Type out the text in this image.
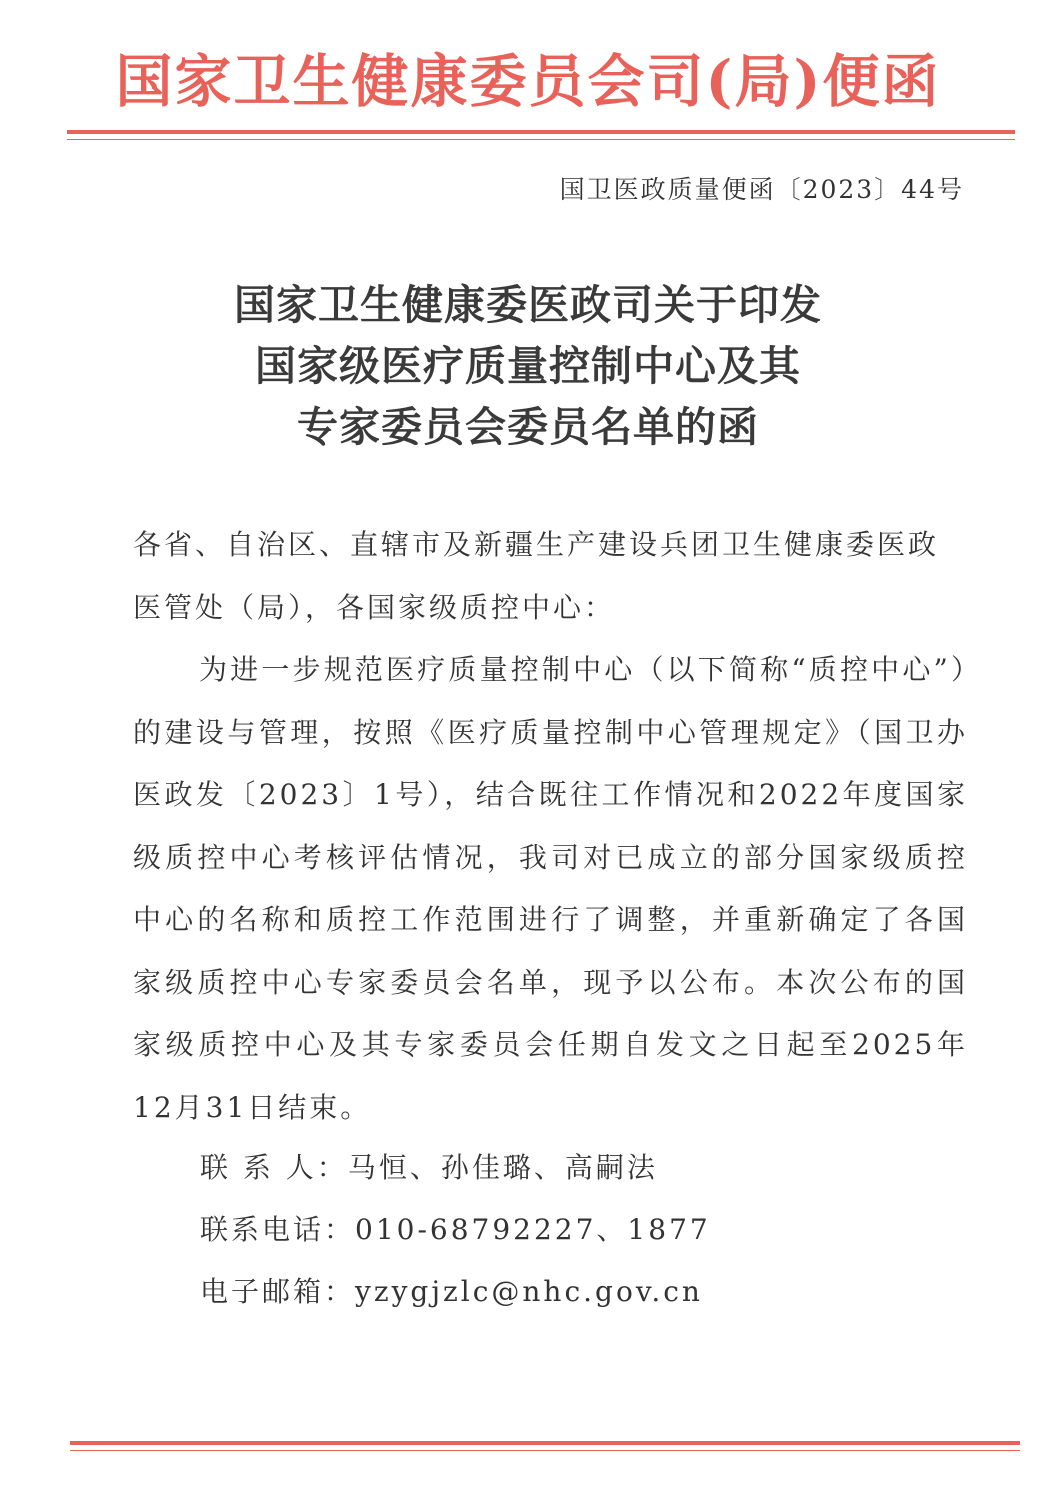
国家卫生健康委员会司(局)便函
国卫医政质量便函〔2023〕44号
国家卫生健康委医政司关于印发
国家级医疗质量控制中心及其
专家委员会委员名单的函

各省、自治区、直辖市及新疆生产建设兵团卫生健康委医政医管处（局），各国家级质控中心：

为进一步规范医疗质量控制中心（以下简称“质控中心”）的建设与管理，按照《医疗质量控制中心管理规定》（国卫办医政发〔2023〕1号），结合既往工作情况和2022年度国家级质控中心考核评估情况，我司对已成立的部分国家级质控中心的名称和质控工作范围进行了调整，并重新确定了各国家级质控中心专家委员会名单，现予以公布。本次公布的国家级质控中心及其专家委员会任期自发文之日起至2025年12月31日结束。

联 系 人：马恒、孙佳璐、高嗣法
联系电话：010-68792227、1877
电子邮箱：yzygjzlc@nhc.gov.cn
